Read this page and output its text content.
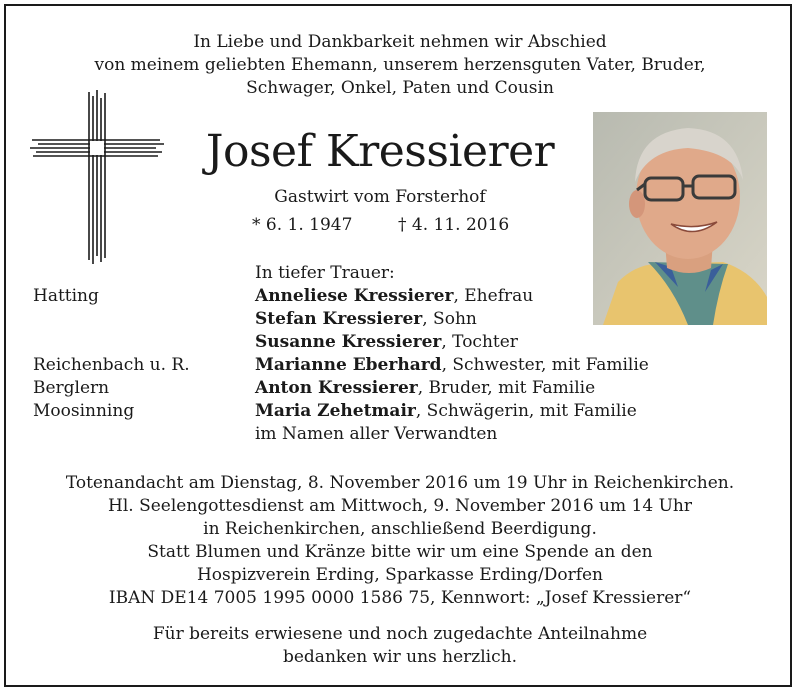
In Liebe und Dankbarkeit nehmen wir Abschied
von meinem geliebten Ehemann, unserem herzensguten Vater, Bruder,
Schwager, Onkel, Paten und Cousin
Josef Kressierer
Gastwirt vom Forsterhof
* 6. 1. 1947	† 4. 11. 2016
In tiefer Trauer:
Hatting	Anneliese Kressierer, Ehefrau
Stefan Kressierer, Sohn
Susanne Kressierer, Tochter
Reichenbach u. R.	Marianne Eberhard, Schwester, mit Familie
Berglern	Anton Kressierer, Bruder, mit Familie
Moosinning	Maria Zehetmair, Schwägerin, mit Familie
im Namen aller Verwandten
Totenandacht am Dienstag, 8. November 2016 um 19 Uhr in Reichenkirchen.
Hl. Seelengottesdienst am Mittwoch, 9. November 2016 um 14 Uhr
in Reichenkirchen, anschließend Beerdigung.
Statt Blumen und Kränze bitte wir um eine Spende an den
Hospizverein Erding, Sparkasse Erding/Dorfen
IBAN DE14 7005 1995 0000 1586 75, Kennwort: „Josef Kressierer“
Für bereits erwiesene und noch zugedachte Anteilnahme
bedanken wir uns herzlich.
